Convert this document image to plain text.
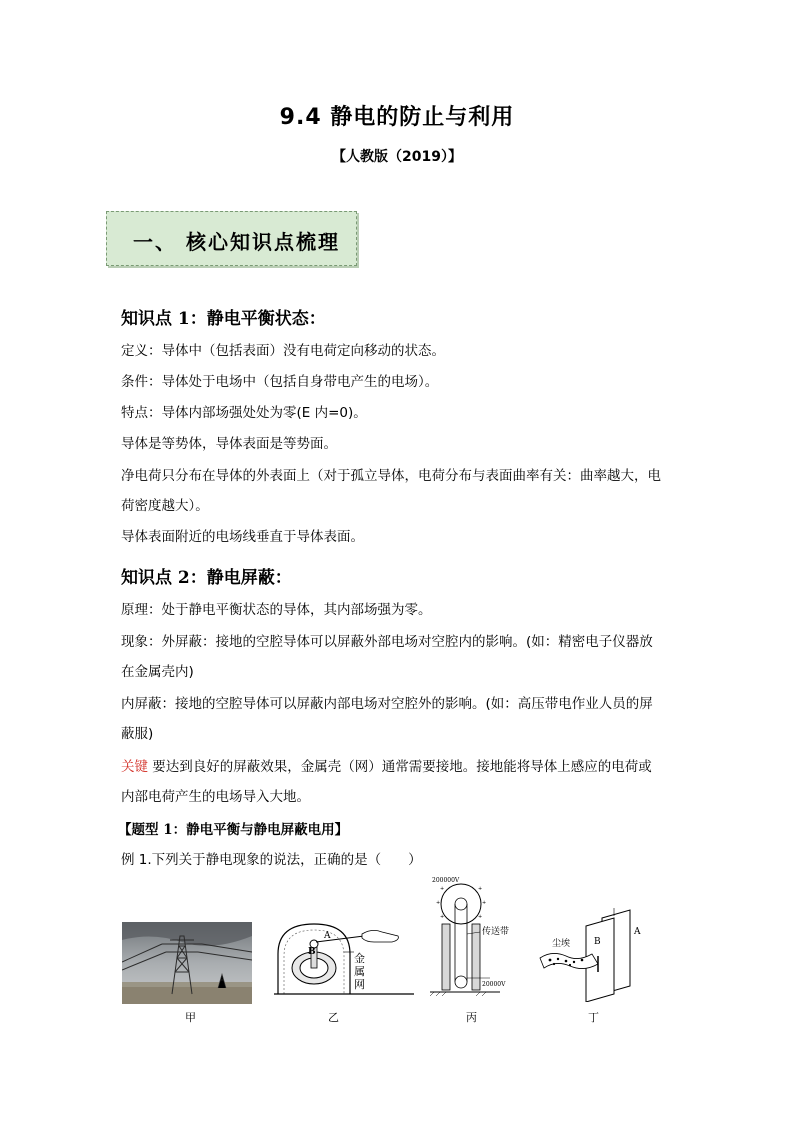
9.4 静电的防止与利用
【人教版（2019）】
一、 核心知识点梳理
知识点 1：静电平衡状态：
定义：导体中（包括表面）没有电荷定向移动的状态。
条件：导体处于电场中（包括自身带电产生的电场）。
特点：导体内部场强处处为零(E 内=0)。
导体是等势体，导体表面是等势面。
净电荷只分布在导体的外表面上（对于孤立导体，电荷分布与表面曲率有关：曲率越大，电
荷密度越大）。
导体表面附近的电场线垂直于导体表面。
知识点 2：静电屏蔽：
原理：处于静电平衡状态的导体，其内部场强为零。
现象：外屏蔽：接地的空腔导体可以屏蔽外部电场对空腔内的影响。(如：精密电子仪器放
在金属壳内)
内屏蔽：接地的空腔导体可以屏蔽内部电场对空腔外的影响。(如：高压带电作业人员的屏
蔽服)
关键 要达到良好的屏蔽效果，金属壳（网）通常需要接地。接地能将导体上感应的电荷或
内部电荷产生的电场导入大地。
【题型 1：静电平衡与静电屏蔽电用】
例 1.下列关于静电现象的说法，正确的是（　　）
甲
A
B	金
属
网
乙
200000V
+	+
+	+
+	+
传送带
20000V
丙
尘埃
A
B
丁
